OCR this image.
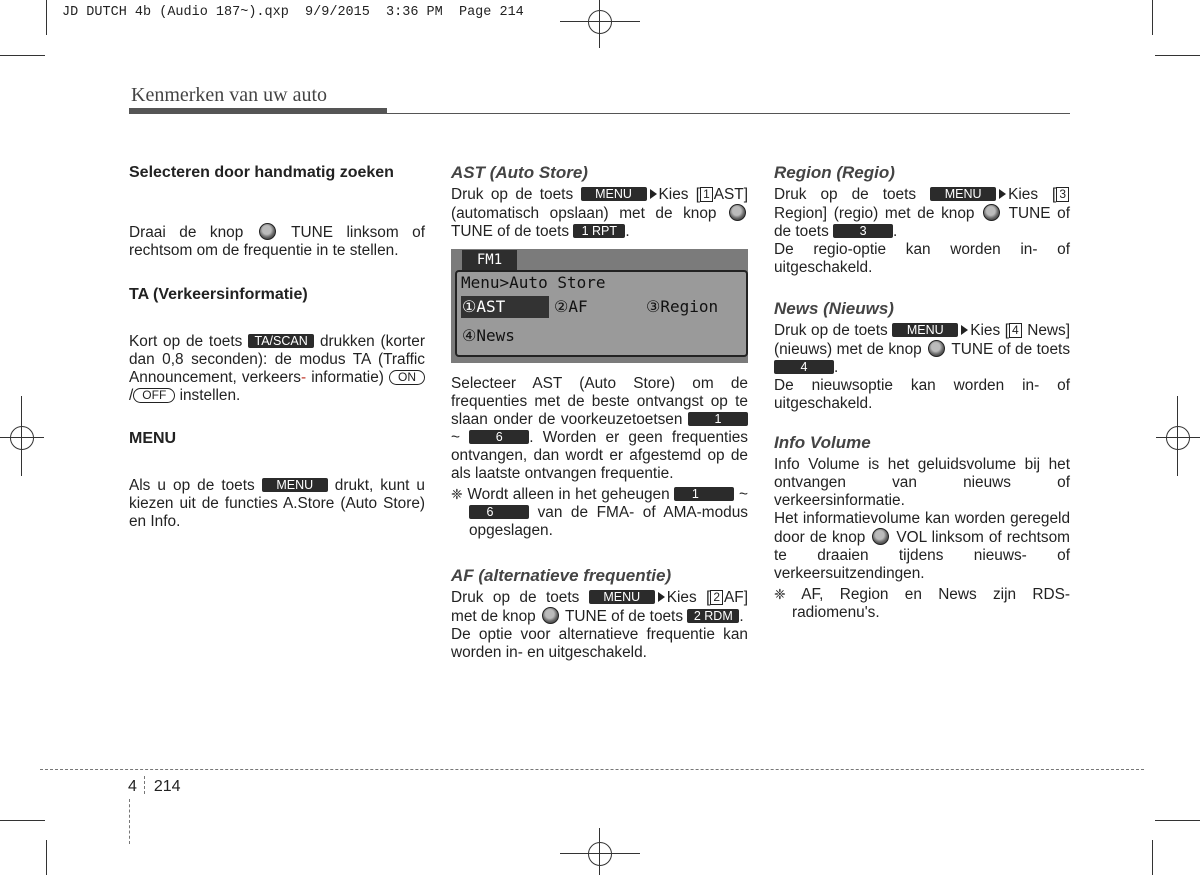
JD DUTCH 4b (Audio 187~).qxp  9/9/2015  3:36 PM  Page 214
Kenmerken van uw auto
Selecteren door handmatig zoeken

Draai de knop	TUNE linksom of rechtsom om de frequentie in te stellen.

TA (Verkeersinformatie)

Kort op de toets TA/SCAN drukken (korter dan 0,8 seconden): de modus TA (Traffic Announcement, verkeers- informatie) ON/ OFF instellen.

MENU

Als u op de toets MENU drukt, kunt u kiezen uit de functies A.Store (Auto Store) en Info.

AST (Auto Store)

Druk op de toets MENU Kies [ 1 AST] (automatisch opslaan) met de knop  TUNE of de toets 1 RPT .

FM1
Menu>Auto Store
①AST	②AF	③Region
④News

Selecteer AST (Auto Store) om de frequenties met de beste ontvangst op te slaan onder de voorkeuzetoetsen	1 ~	6 . Worden er geen frequenties ontvangen, dan wordt er afgestemd op de als laatste ontvangen frequentie.

❈ Wordt alleen in het geheugen 1	~ 6	van de FMA- of AMA-modus opgeslagen.

AF (alternatieve frequentie)

Druk op de toets MENU Kies [ 2 AF] met de knop TUNE of de toets 2 RDM .

De optie voor alternatieve frequentie kan worden in- en uitgeschakeld.

Region (Regio)

Druk op de toets MENU Kies [ 3 Region] (regio) met de knop TUNE of de toets 3 .

De regio-optie kan worden in- of uitgeschakeld.

News (Nieuws)

Druk op de toets MENU Kies [ 4 News] (nieuws) met de knop TUNE of de toets 4 .

De nieuwsoptie kan worden in- of uitgeschakeld.

Info Volume

Info Volume is het geluidsvolume bij het ontvangen van nieuws of verkeersinformatie.

Het informatievolume kan worden geregeld door de knop VOL linksom of rechtsom te draaien tijdens nieuws- of verkeersuitzendingen.

❈ AF, Region en News zijn RDS-radiomenu's.

4 214
